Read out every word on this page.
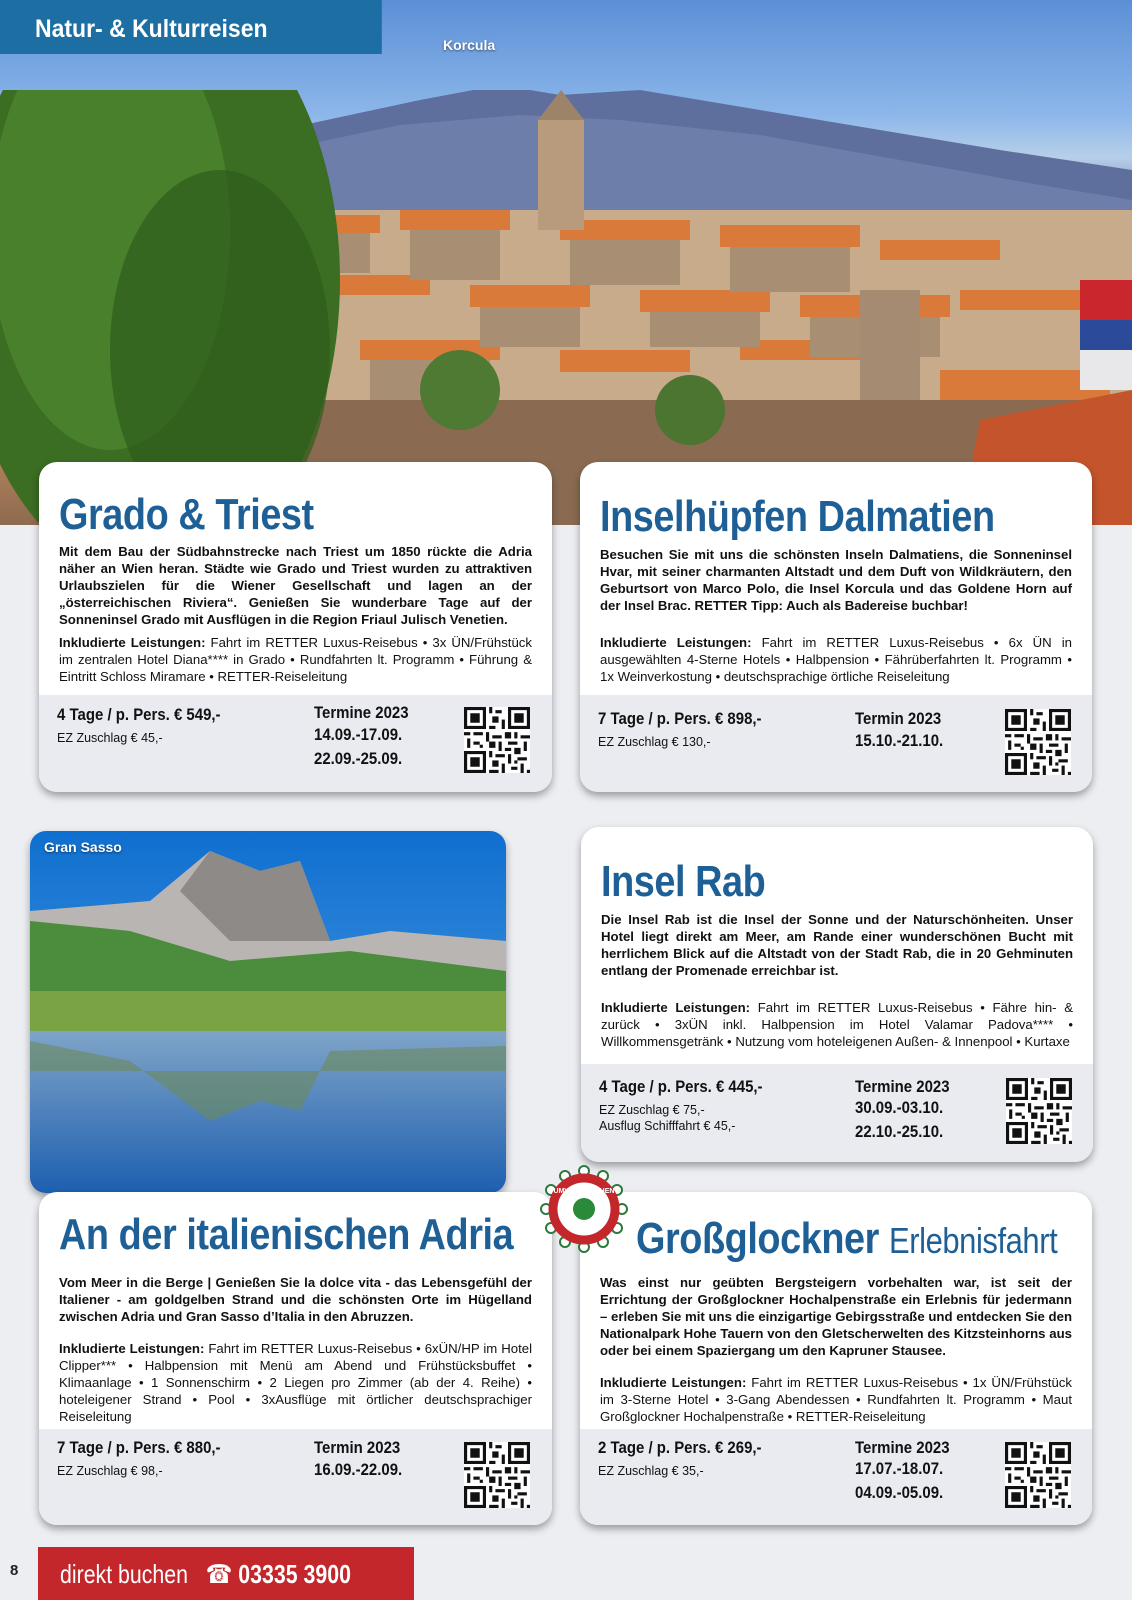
Natur- & Kulturreisen
Korcula
Grado & Triest
Mit dem Bau der Südbahnstrecke nach Triest um 1850 rückte die Adria näher an Wien heran. Städte wie Grado und Triest wurden zu attraktiven Urlaubszielen für die Wiener Gesellschaft und lagen an der „österreichischen Riviera“. Genießen Sie wunderbare Tage auf der Sonneninsel Grado mit Ausflügen in die Region Friaul Julisch Venetien.
Inkludierte Leistungen: Fahrt im RETTER Luxus-Reisebus • 3x ÜN/Frühstück im zentralen Hotel Diana**** in Grado • Rundfahrten lt. Programm • Führung & Eintritt Schloss Miramare • RETTER-Reiseleitung
4 Tage / p. Pers. € 549,-
EZ Zuschlag € 45,-
Termine 2023
14.09.-17.09.
22.09.-25.09.
Inselhüpfen Dalmatien
Besuchen Sie mit uns die schönsten Inseln Dalmatiens, die Sonneninsel Hvar, mit seiner charmanten Altstadt und dem Duft von Wildkräutern, den Geburtsort von Marco Polo, die Insel Korcula und das Goldene Horn auf der Insel Brac. RETTER Tipp: Auch als Badereise buchbar!
Inkludierte Leistungen: Fahrt im RETTER Luxus-Reisebus • 6x ÜN in ausgewählten 4-Sterne Hotels • Halbpension • Fährüberfahrten lt. Programm • 1x Weinverkostung • deutschsprachige örtliche Reiseleitung
7 Tage / p. Pers. € 898,-
EZ Zuschlag € 130,-
Termin 2023
15.10.-21.10.
Gran Sasso
Insel Rab
Die Insel Rab ist die Insel der Sonne und der Naturschönheiten. Unser Hotel liegt direkt am Meer, am Rande einer wunderschönen Bucht mit herrlichem Blick auf die Altstadt von der Stadt Rab, die in 20 Gehminuten entlang der Promenade erreichbar ist.
Inkludierte Leistungen: Fahrt im RETTER Luxus-Reisebus • Fähre hin- & zurück • 3xÜN inkl. Halbpension im Hotel Valamar Padova**** • Willkommensgetränk • Nutzung vom hoteleigenen Außen- & Innenpool • Kurtaxe
4 Tage / p. Pers. € 445,-
EZ Zuschlag € 75,-
Ausflug Schifffahrt € 45,-
Termine 2023
30.09.-03.10.
22.10.-25.10.
An der italienischen Adria
Vom Meer in die Berge | Genießen Sie la dolce vita - das Lebensgefühl der Italiener - am goldgelben Strand und die schönsten Orte im Hügelland zwischen Adria und Gran Sasso d’Italia in den Abruzzen.
Inkludierte Leistungen: Fahrt im RETTER Luxus-Reisebus • 6xÜN/HP im Hotel Clipper*** • Halbpension mit Menü am Abend und Frühstücksbuffet • Klimaanlage • 1 Sonnenschirm • 2 Liegen pro Zimmer (ab der 4. Reihe) • hoteleigener Strand • Pool • 3xAusflüge mit örtlicher deutschsprachiger Reiseleitung
7 Tage / p. Pers. € 880,-
EZ Zuschlag € 98,-
Termin 2023
16.09.-22.09.
Großglockner Erlebnisfahrt
Was einst nur geübten Bergsteigern vorbehalten war, ist seit der Errichtung der Großglockner Hochalpenstraße ein Erlebnis für jedermann – erleben Sie mit uns die einzigartige Gebirgsstraße und entdecken Sie den Nationalpark Hohe Tauern von den Gletscherwelten des Kitzsteinhorns aus oder bei einem Spaziergang um den Kapruner Stausee.
Inkludierte Leistungen: Fahrt im RETTER Luxus-Reisebus • 1x ÜN/Frühstück im 3-Sterne Hotel • 3-Gang Abendessen • Rundfahrten lt. Programm • Maut Großglockner Hochalpenstraße • RETTER-Reiseleitung
2 Tage / p. Pers. € 269,-
EZ Zuschlag € 35,-
Termine 2023
17.07.-18.07.
04.09.-05.09.
UMWELTZEICHEN
8 direkt buchen   ☎ 03335 3900
